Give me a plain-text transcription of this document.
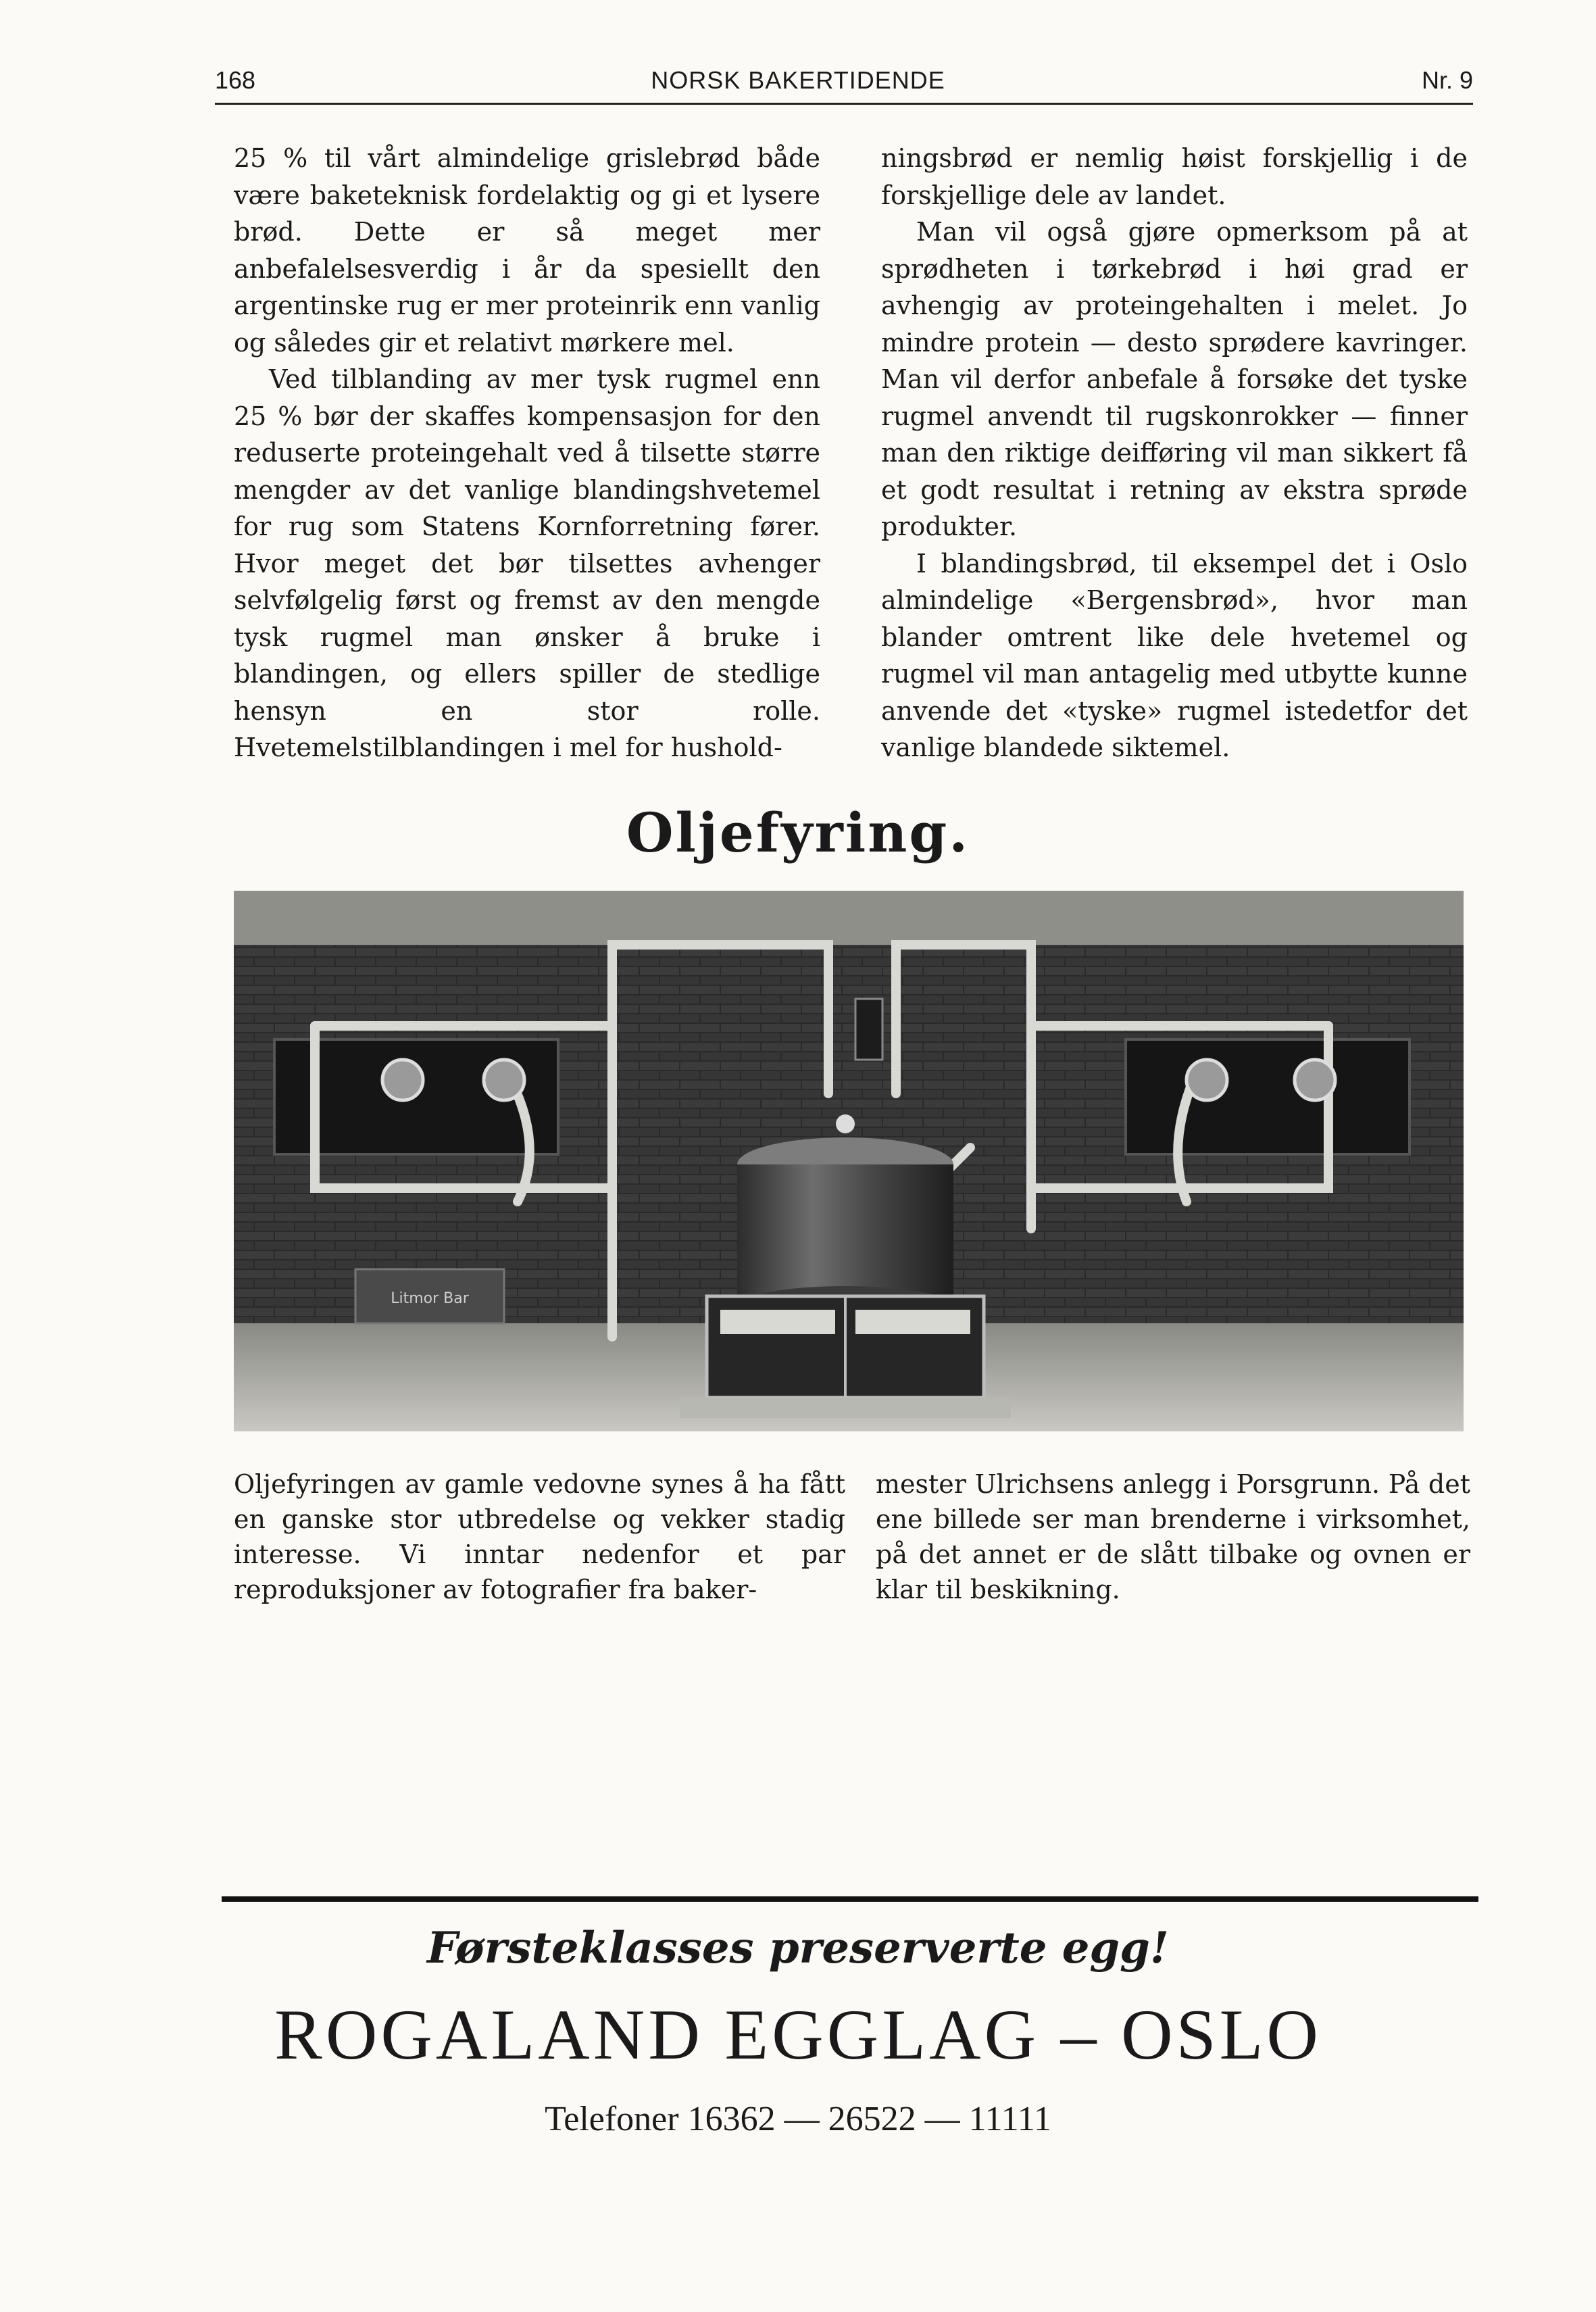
168	NORSK BAKERTIDENDE	Nr. 9

25 % til vårt almindelige grislebrød både være baketeknisk fordelaktig og gi et lysere brød. Dette er så meget mer anbefalelsesverdig i år da spesiellt den argentinske rug er mer proteinrik enn vanlig og således gir et relativt mørkere mel.

Ved tilblanding av mer tysk rugmel enn 25 % bør der skaffes kompensasjon for den reduserte proteingehalt ved å tilsette større mengder av det vanlige blandingshvetemel for rug som Statens Kornforretning fører. Hvor meget det bør tilsettes avhenger selvfølgelig først og fremst av den mengde tysk rugmel man ønsker å bruke i blandingen, og ellers spiller de stedlige hensyn en stor rolle. Hvetemelstilblandingen i mel for hushold-

ningsbrød er nemlig høist forskjellig i de forskjellige dele av landet.

Man vil også gjøre opmerksom på at sprødheten i tørkebrød i høi grad er avhengig av proteingehalten i melet. Jo mindre protein — desto sprødere kavringer. Man vil derfor anbefale å forsøke det tyske rugmel anvendt til rugskonrokker — finner man den riktige deifføring vil man sikkert få et godt resultat i retning av ekstra sprøde produkter.

I blandingsbrød, til eksempel det i Oslo almindelige «Bergensbrød», hvor man blander omtrent like dele hvetemel og rugmel vil man antagelig med utbytte kunne anvende det «tyske» rugmel istedetfor det vanlige blandede siktemel.

Oljefyring.
Litmor Bar

Oljefyringen av gamle vedovne synes å ha fått en ganske stor utbredelse og vekker stadig interesse. Vi inntar nedenfor et par reproduksjoner av fotografier fra baker-

mester Ulrichsens anlegg i Porsgrunn. På det ene billede ser man brenderne i virksomhet, på det annet er de slått tilbake og ovnen er klar til beskikning.

Førsteklasses preserverte egg!
ROGALAND EGGLAG – OSLO
Telefoner 16362 — 26522 — 11111
